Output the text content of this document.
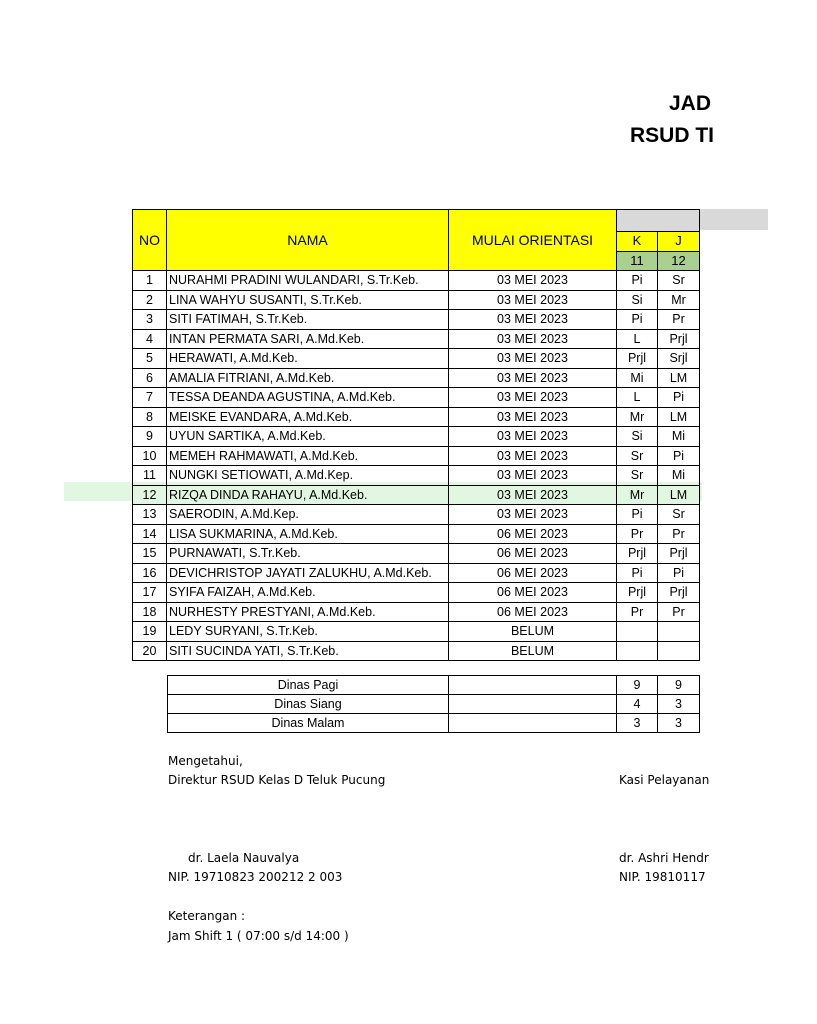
NO	NAMA	MULAI ORIENTASI		
			K	J
			11	12
1	NURAHMI PRADINI WULANDARI, S.Tr.Keb.	03 MEI 2023	Pi	Sr
2	LINA WAHYU SUSANTI, S.Tr.Keb.	03 MEI 2023	Si	Mr
3	SITI FATIMAH, S.Tr.Keb.	03 MEI 2023	Pi	Pr
4	INTAN PERMATA SARI, A.Md.Keb.	03 MEI 2023	L	Prjl
5	HERAWATI, A.Md.Keb.	03 MEI 2023	Prjl	Srjl
6	AMALIA FITRIANI, A.Md.Keb.	03 MEI 2023	Mi	LM
7	TESSA DEANDA AGUSTINA, A.Md.Keb.	03 MEI 2023	L	Pi
8	MEISKE EVANDARA, A.Md.Keb.	03 MEI 2023	Mr	LM
9	UYUN SARTIKA, A.Md.Keb.	03 MEI 2023	Si	Mi
10	MEMEH RAHMAWATI, A.Md.Keb.	03 MEI 2023	Sr	Pi
11	NUNGKI SETIOWATI, A.Md.Kep.	03 MEI 2023	Sr	Mi
12	RIZQA DINDA RAHAYU, A.Md.Keb.	03 MEI 2023	Mr	LM
13	SAERODIN, A.Md.Kep.	03 MEI 2023	Pi	Sr
14	LISA SUKMARINA, A.Md.Keb.	06 MEI 2023	Pr	Pr
15	PURNAWATI, S.Tr.Keb.	06 MEI 2023	Prjl	Prjl
16	DEVICHRISTOP JAYATI ZALUKHU, A.Md.Keb.	06 MEI 2023	Pi	Pi
17	SYIFA FAIZAH, A.Md.Keb.	06 MEI 2023	Prjl	Prjl
18	NURHESTY PRESTYANI, A.Md.Keb.	06 MEI 2023	Pr	Pr
19	LEDY SURYANI, S.Tr.Keb.	BELUM		
20	SITI SUCINDA YATI, S.Tr.Keb.	BELUM		
Dinas Pagi		9	9
Dinas Siang		4	3
Dinas Malam		3	3
Mengetahui,
Direktur RSUD Kelas D Teluk Pucung	Kasi Pelayanan
dr. Laela Nauvalya	dr. Ashri Hendr
NIP. 19710823 200212 2 003	NIP. 19810117
Keterangan :
Jam Shift 1 ( 07:00 s/d 14:00 )
JAD
RSUD TI
